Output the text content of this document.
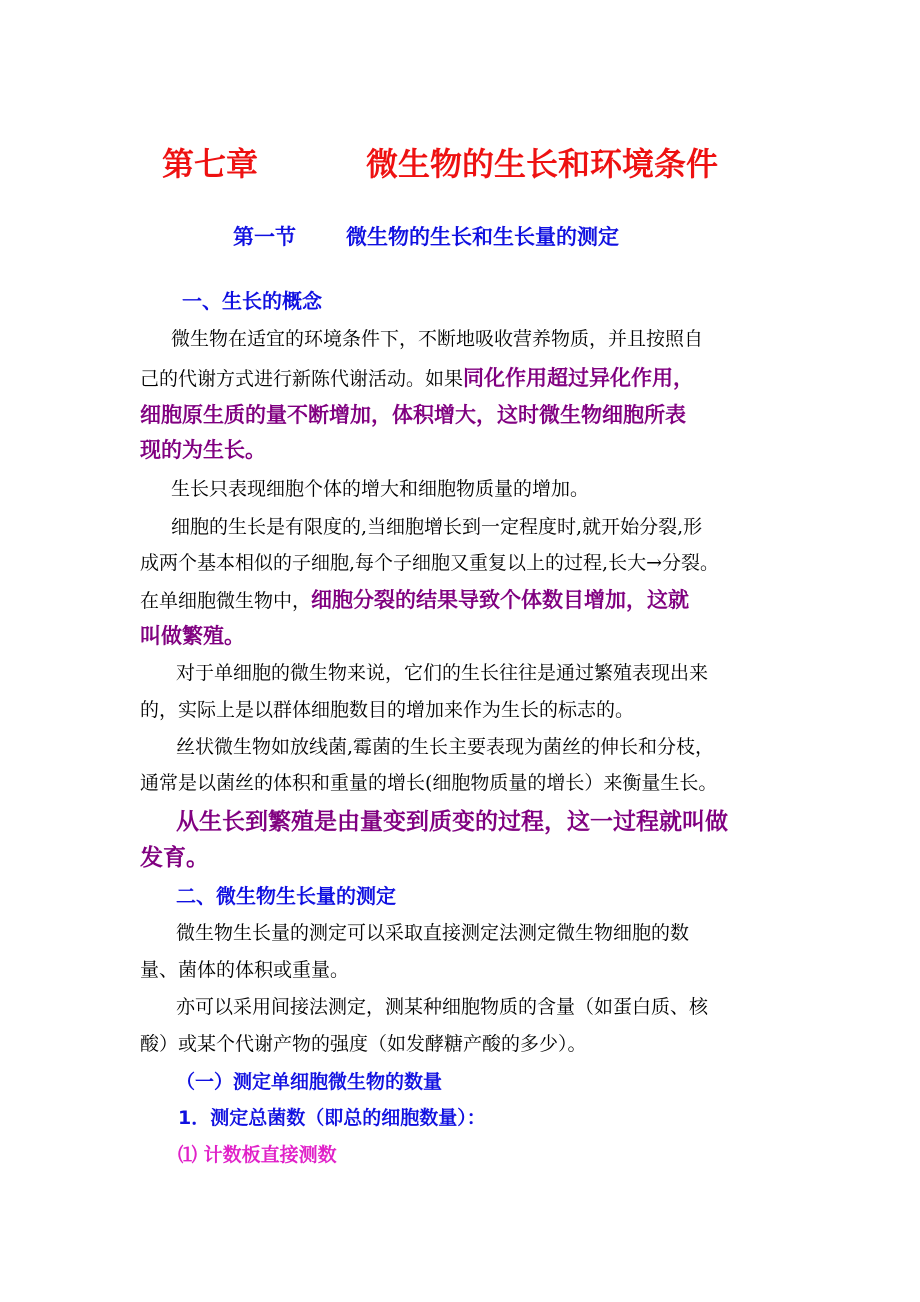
第七章	微生物的生长和环境条件
第一节 微生物的生长和生长量的测定
一、生长的概念
微生物在适宜的环境条件下，不断地吸收营养物质，并且按照自
己的代谢方式进行新陈代谢活动。如果同化作用超过异化作用，
细胞原生质的量不断增加，体积增大，这时微生物细胞所表
现的为生长。
生长只表现细胞个体的增大和细胞物质量的增加。
细胞的生长是有限度的,当细胞增长到一定程度时,就开始分裂,形
成两个基本相似的子细胞,每个子细胞又重复以上的过程,长大→分裂。
在单细胞微生物中，细胞分裂的结果导致个体数目增加，这就
叫做繁殖。
对于单细胞的微生物来说，它们的生长往往是通过繁殖表现出来
的，实际上是以群体细胞数目的增加来作为生长的标志的。
丝状微生物如放线菌,霉菌的生长主要表现为菌丝的伸长和分枝，
通常是以菌丝的体积和重量的增长(细胞物质量的增长）来衡量生长。
从生长到繁殖是由量变到质变的过程，这一过程就叫做
发育。
二、微生物生长量的测定
微生物生长量的测定可以采取直接测定法测定微生物细胞的数
量、菌体的体积或重量。
亦可以采用间接法测定，测某种细胞物质的含量（如蛋白质、核
酸）或某个代谢产物的强度（如发酵糖产酸的多少）。
（一）测定单细胞微生物的数量
1．测定总菌数（即总的细胞数量）：
⑴ 计数板直接测数
